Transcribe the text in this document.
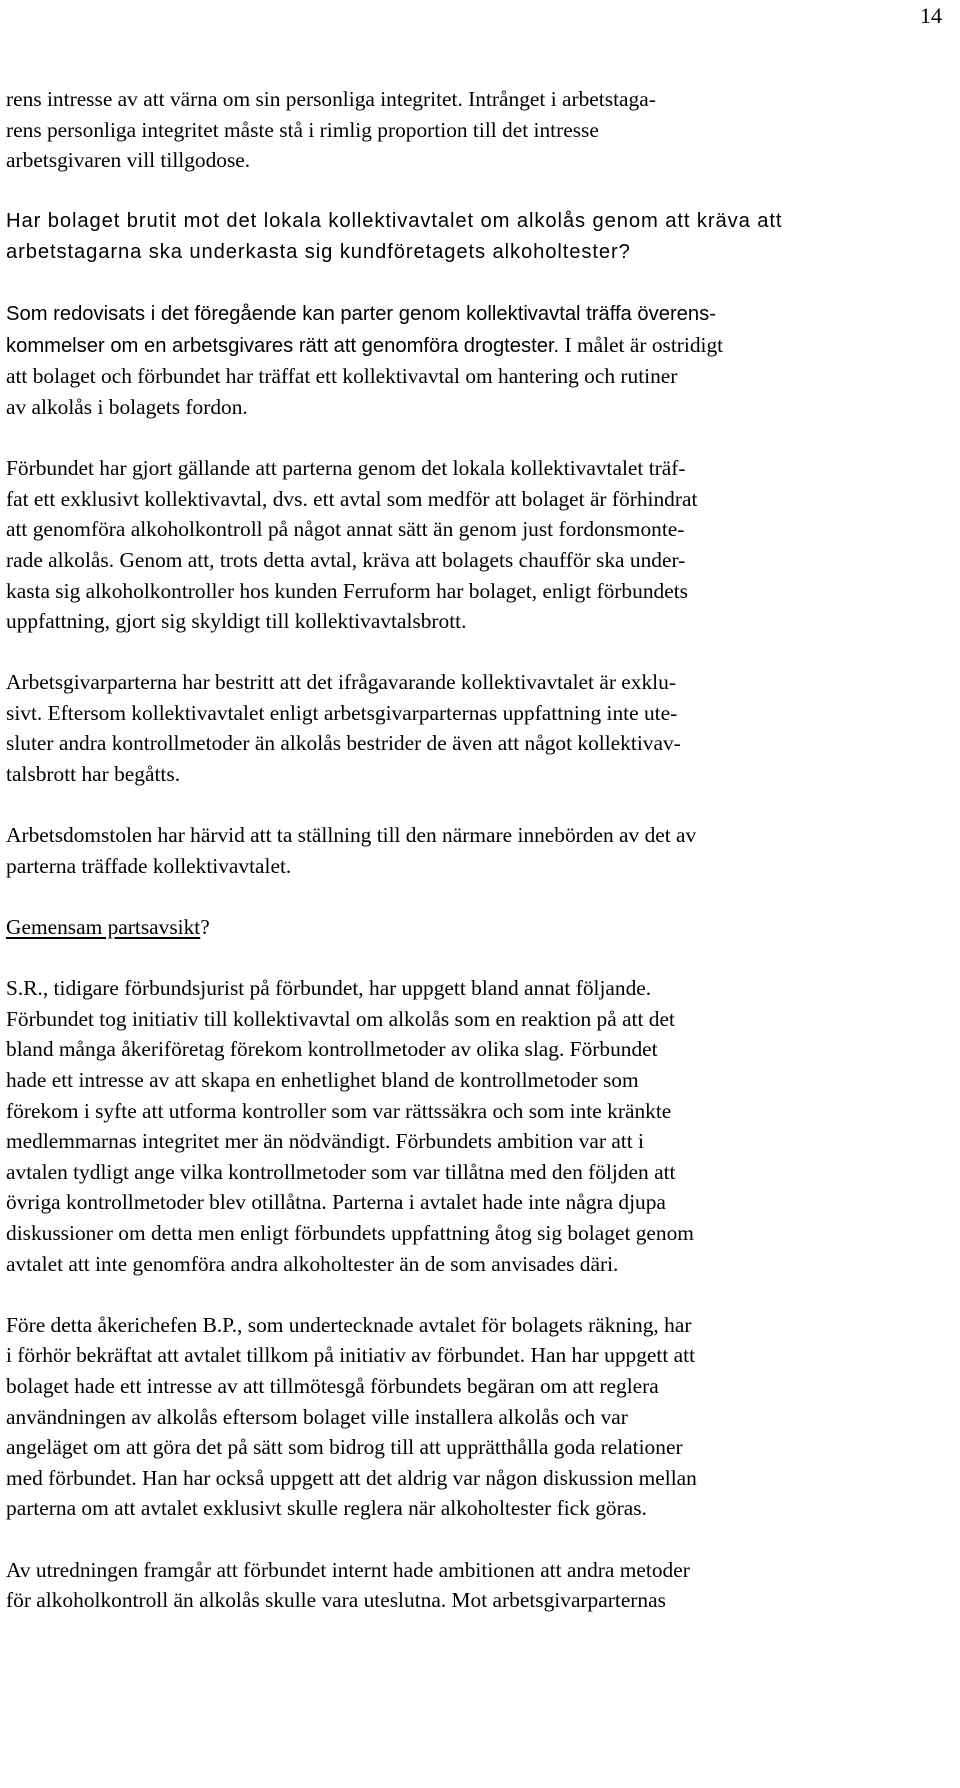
14

rens intresse av att värna om sin personliga integritet. Intrånget i arbetstaga-
rens personliga integritet måste stå i rimlig proportion till det intresse
arbetsgivaren vill tillgodose.

Har bolaget brutit mot det lokala kollektivavtalet om alkolås genom att kräva att
arbetstagarna ska underkasta sig kundföretagets alkoholtester?

Som redovisats i det föregående kan parter genom kollektivavtal träffa överens-
kommelser om en arbetsgivares rätt att genomföra drogtester. I målet är ostridigt
att bolaget och förbundet har träffat ett kollektivavtal om hantering och rutiner
av alkolås i bolagets fordon.

Förbundet har gjort gällande att parterna genom det lokala kollektivavtalet träf-
fat ett exklusivt kollektivavtal, dvs. ett avtal som medför att bolaget är förhindrat
att genomföra alkoholkontroll på något annat sätt än genom just fordonsmonte-
rade alkolås. Genom att, trots detta avtal, kräva att bolagets chaufför ska under-
kasta sig alkoholkontroller hos kunden Ferruform har bolaget, enligt förbundets
uppfattning, gjort sig skyldigt till kollektivavtalsbrott.

Arbetsgivarparterna har bestritt att det ifrågavarande kollektivavtalet är exklu-
sivt. Eftersom kollektivavtalet enligt arbetsgivarparternas uppfattning inte ute-
sluter andra kontrollmetoder än alkolås bestrider de även att något kollektivav-
talsbrott har begåtts.

Arbetsdomstolen har härvid att ta ställning till den närmare innebörden av det av
parterna träffade kollektivavtalet.

Gemensam partsavsikt?

S.R., tidigare förbundsjurist på förbundet, har uppgett bland annat följande.
Förbundet tog initiativ till kollektivavtal om alkolås som en reaktion på att det
bland många åkeriföretag förekom kontrollmetoder av olika slag. Förbundet
hade ett intresse av att skapa en enhetlighet bland de kontrollmetoder som
förekom i syfte att utforma kontroller som var rättssäkra och som inte kränkte
medlemmarnas integritet mer än nödvändigt. Förbundets ambition var att i
avtalen tydligt ange vilka kontrollmetoder som var tillåtna med den följden att
övriga kontrollmetoder blev otillåtna. Parterna i avtalet hade inte några djupa
diskussioner om detta men enligt förbundets uppfattning åtog sig bolaget genom
avtalet att inte genomföra andra alkoholtester än de som anvisades däri.

Före detta åkerichefen B.P., som undertecknade avtalet för bolagets räkning, har
i förhör bekräftat att avtalet tillkom på initiativ av förbundet. Han har uppgett att
bolaget hade ett intresse av att tillmötesgå förbundets begäran om att reglera
användningen av alkolås eftersom bolaget ville installera alkolås och var
angeläget om att göra det på sätt som bidrog till att upprätthålla goda relationer
med förbundet. Han har också uppgett att det aldrig var någon diskussion mellan
parterna om att avtalet exklusivt skulle reglera när alkoholtester fick göras.

Av utredningen framgår att förbundet internt hade ambitionen att andra metoder
för alkoholkontroll än alkolås skulle vara uteslutna. Mot arbetsgivarparternas
